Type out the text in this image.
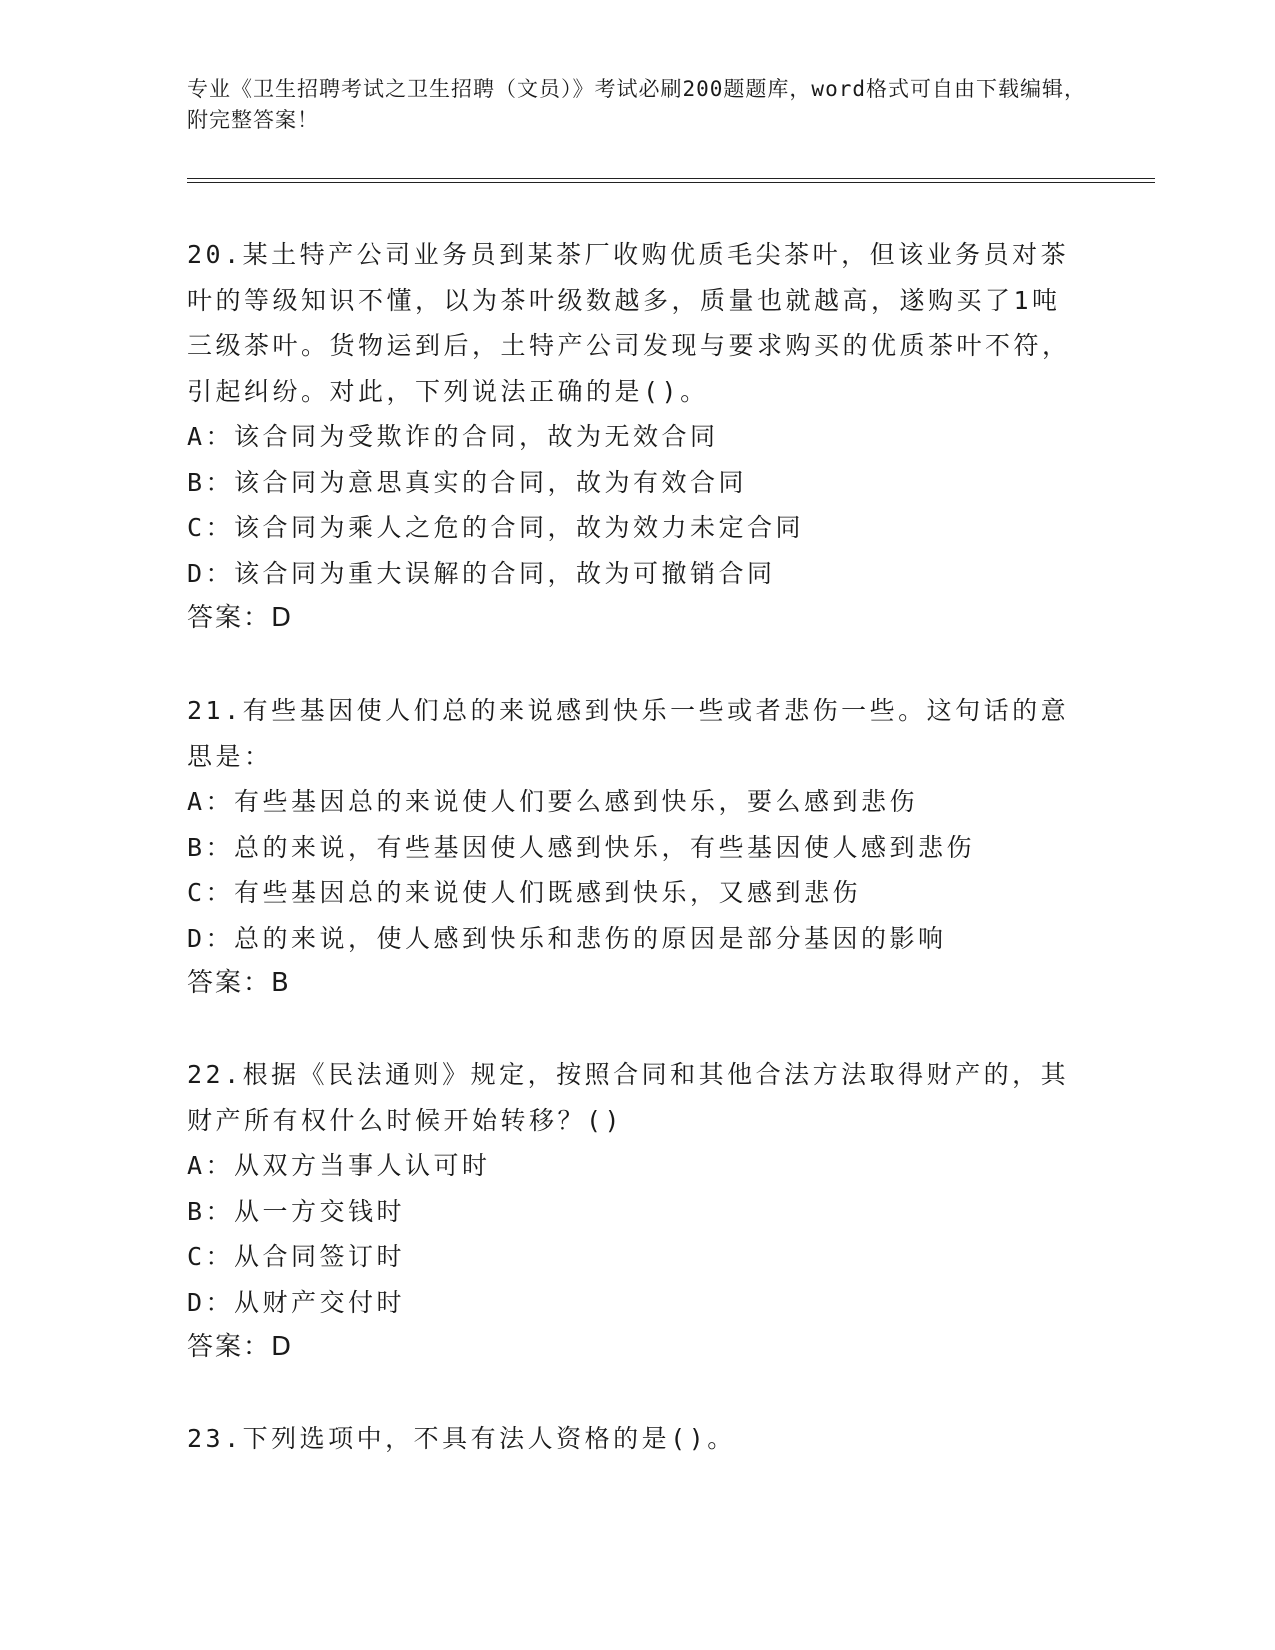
专业《卫生招聘考试之卫生招聘（文员）》考试必刷200题题库，word格式可自由下载编辑，附完整答案！

20.某土特产公司业务员到某茶厂收购优质毛尖茶叶，但该业务员对茶叶的等级知识不懂，以为茶叶级数越多，质量也就越高，遂购买了1吨三级茶叶。货物运到后，土特产公司发现与要求购买的优质茶叶不符，引起纠纷。对此，下列说法正确的是()。

A：该合同为受欺诈的合同，故为无效合同
B：该合同为意思真实的合同，故为有效合同
C：该合同为乘人之危的合同，故为效力未定合同
D：该合同为重大误解的合同，故为可撤销合同

答案：D

21.有些基因使人们总的来说感到快乐一些或者悲伤一些。这句话的意思是：

A：有些基因总的来说使人们要么感到快乐，要么感到悲伤
B：总的来说，有些基因使人感到快乐，有些基因使人感到悲伤
C：有些基因总的来说使人们既感到快乐，又感到悲伤
D：总的来说，使人感到快乐和悲伤的原因是部分基因的影响

答案：B

22.根据《民法通则》规定，按照合同和其他合法方法取得财产的，其财产所有权什么时候开始转移？()

A：从双方当事人认可时
B：从一方交钱时
C：从合同签订时
D：从财产交付时

答案：D

23.下列选项中，不具有法人资格的是()。
